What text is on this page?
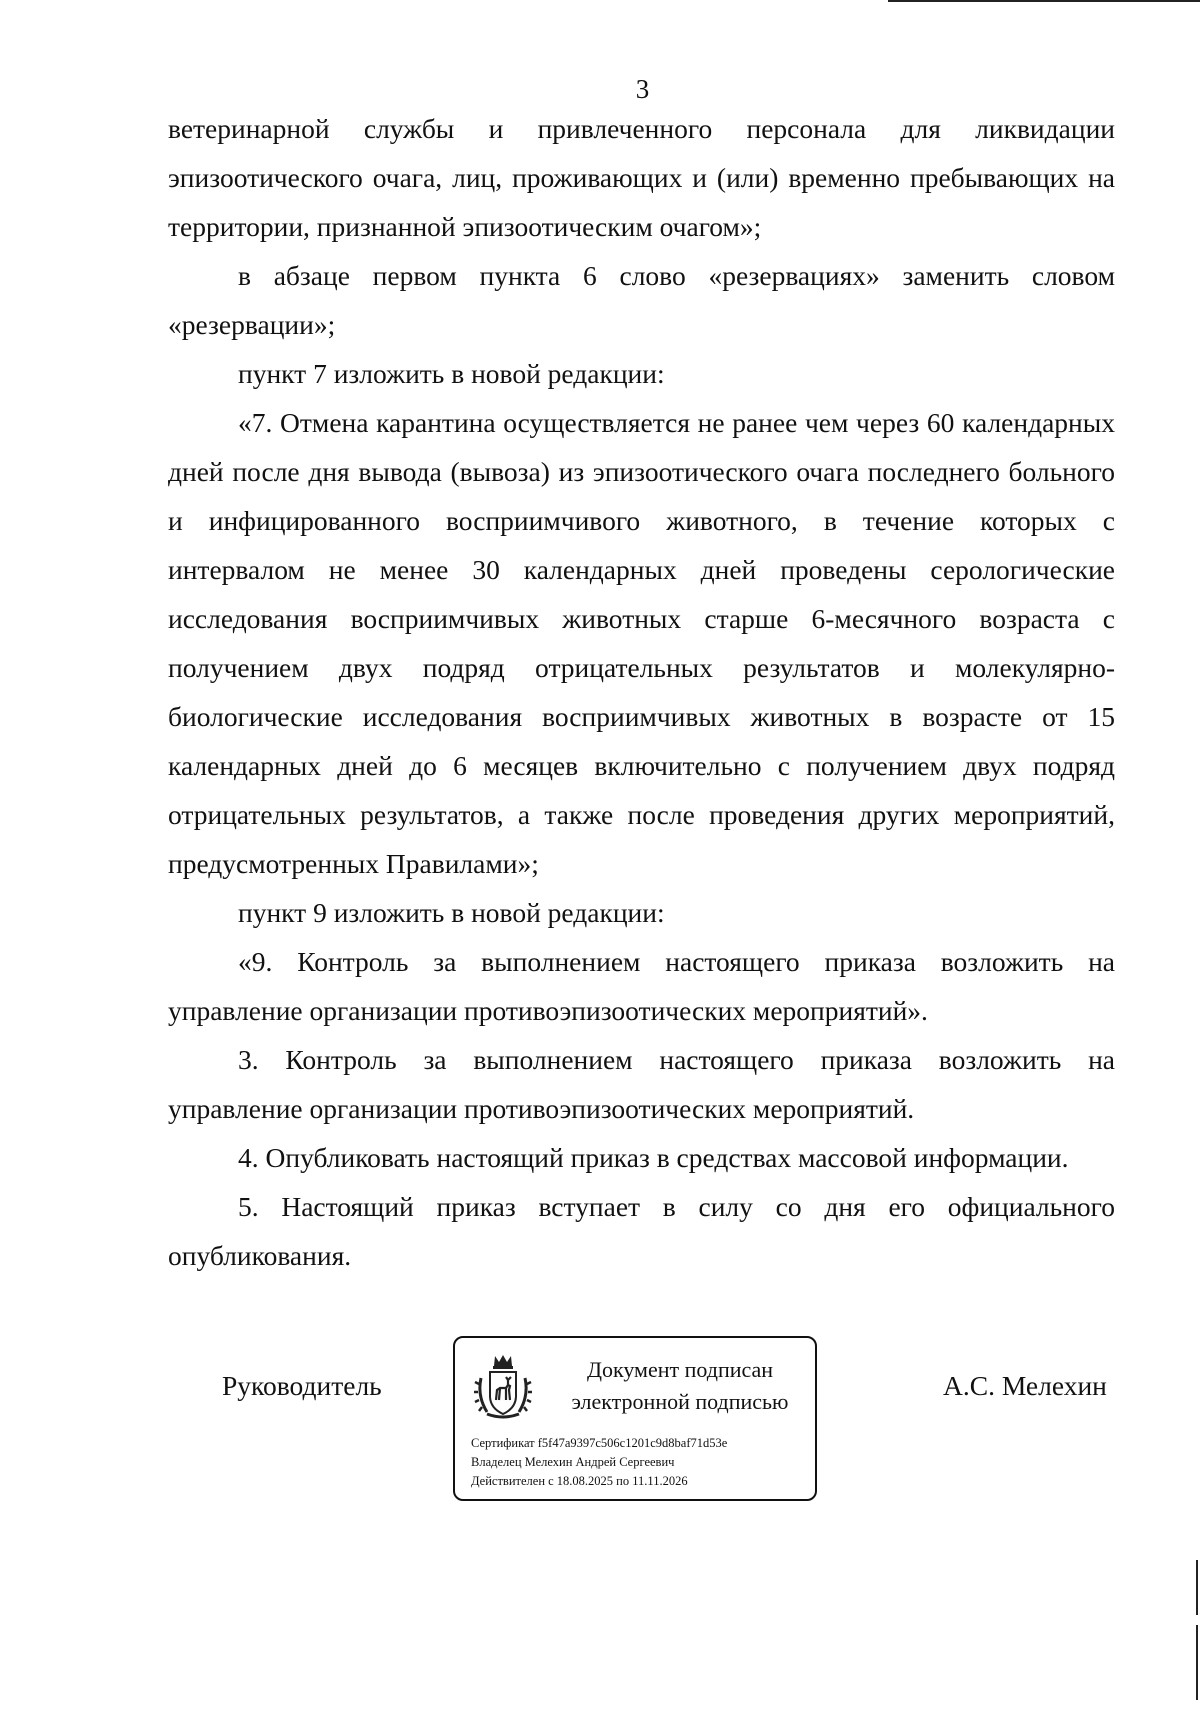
3

ветеринарной службы и привлеченного персонала для ликвидации эпизоотического очага, лиц, проживающих и (или) временно пребывающих на территории, признанной эпизоотическим очагом»;

в абзаце первом пункта 6 слово «резервациях» заменить словом «резервации»;

пункт 7 изложить в новой редакции:

«7. Отмена карантина осуществляется не ранее чем через 60 календарных дней после дня вывода (вывоза) из эпизоотического очага последнего больного и инфицированного восприимчивого животного, в течение которых с интервалом не менее 30 календарных дней проведены серологические исследования восприимчивых животных старше 6-месячного возраста с получением двух подряд отрицательных результатов и молекулярно-биологические исследования восприимчивых животных в возрасте от 15 календарных дней до 6 месяцев включительно с получением двух подряд отрицательных результатов, а также после проведения других мероприятий, предусмотренных Правилами»;

пункт 9 изложить в новой редакции:

«9. Контроль за выполнением настоящего приказа возложить на управление организации противоэпизоотических мероприятий».

3. Контроль за выполнением настоящего приказа возложить на управление организации противоэпизоотических мероприятий.

4. Опубликовать настоящий приказ в средствах массовой информации.

5. Настоящий приказ вступает в силу со дня его официального опубликования.

Руководитель
Документ подписан
электронной подписью
Сертификат f5f47a9397c506c1201c9d8baf71d53e
Владелец Мелехин Андрей Сергеевич
Действителен с 18.08.2025 по 11.11.2026
А.С. Мелехин
